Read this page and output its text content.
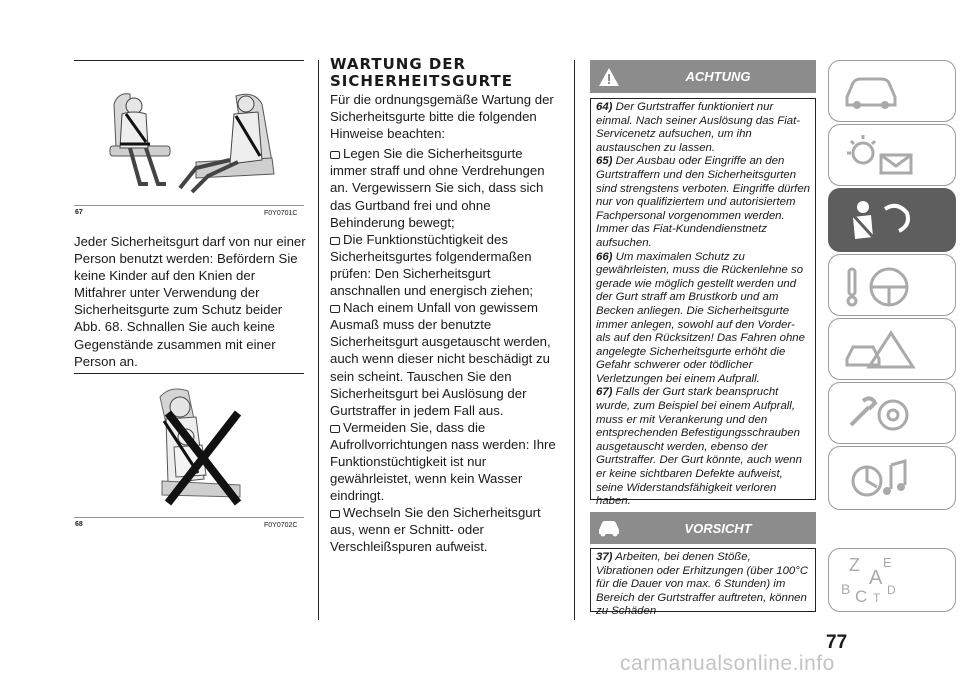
67	F0Y0701C

Jeder Sicherheitsgurt darf von nur einer Person benutzt werden: Befördern Sie keine Kinder auf den Knien der Mitfahrer unter Verwendung der Sicherheitsgurte zum Schutz beider Abb. 68. Schnallen Sie auch keine Gegenstände zusammen mit einer Person an.

68	F0Y0702C
WARTUNG DER SICHERHEITSGURTE

Für die ordnungsgemäße Wartung der Sicherheitsgurte bitte die folgenden Hinweise beachten:

Legen Sie die Sicherheitsgurte immer straff und ohne Verdrehungen an. Vergewissern Sie sich, dass sich das Gurtband frei und ohne Behinderung bewegt;

Die Funktionstüchtigkeit des Sicherheitsgurtes folgendermaßen prüfen: Den Sicherheitsgurt anschnallen und energisch ziehen;

Nach einem Unfall von gewissem Ausmaß muss der benutzte Sicherheitsgurt ausgetauscht werden, auch wenn dieser nicht beschädigt zu sein scheint. Tauschen Sie den Sicherheitsgurt bei Auslösung der Gurtstraffer in jedem Fall aus.

Vermeiden Sie, dass die Aufrollvorrichtungen nass werden: Ihre Funktionstüchtigkeit ist nur gewährleistet, wenn kein Wasser eindringt.

Wechseln Sie den Sicherheitsgurt aus, wenn er Schnitt- oder Verschleißspuren aufweist.

ACHTUNG
64) Der Gurtstraffer funktioniert nur einmal. Nach seiner Auslösung das Fiat-Servicenetz aufsuchen, um ihn austauschen zu lassen.
65) Der Ausbau oder Eingriffe an den Gurtstraffern und den Sicherheitsgurten sind strengstens verboten. Eingriffe dürfen nur von qualifiziertem und autorisiertem Fachpersonal vorgenommen werden. Immer das Fiat-Kundendienstnetz aufsuchen.
66) Um maximalen Schutz zu gewährleisten, muss die Rückenlehne so gerade wie möglich gestellt werden und der Gurt straff am Brustkorb und am Becken anliegen. Die Sicherheitsgurte immer anlegen, sowohl auf den Vorder- als auf den Rücksitzen! Das Fahren ohne angelegte Sicherheitsgurte erhöht die Gefahr schwerer oder tödlicher Verletzungen bei einem Aufprall.
67) Falls der Gurt stark beansprucht wurde, zum Beispiel bei einem Aufprall, muss er mit Verankerung und den entsprechenden Befestigungsschrauben ausgetauscht werden, ebenso der Gurtstraffer. Der Gurt könnte, auch wenn er keine sichtbaren Defekte aufweist, seine Widerstandsfähigkeit verloren haben.
VORSICHT
37) Arbeiten, bei denen Stöße, Vibrationen oder Erhitzungen (über 100°C für die Dauer von max. 6 Stunden) im Bereich der Gurtstraffer auftreten, können zu Schäden
Z E
A
B C T
D
77
carmanualsonline.info
